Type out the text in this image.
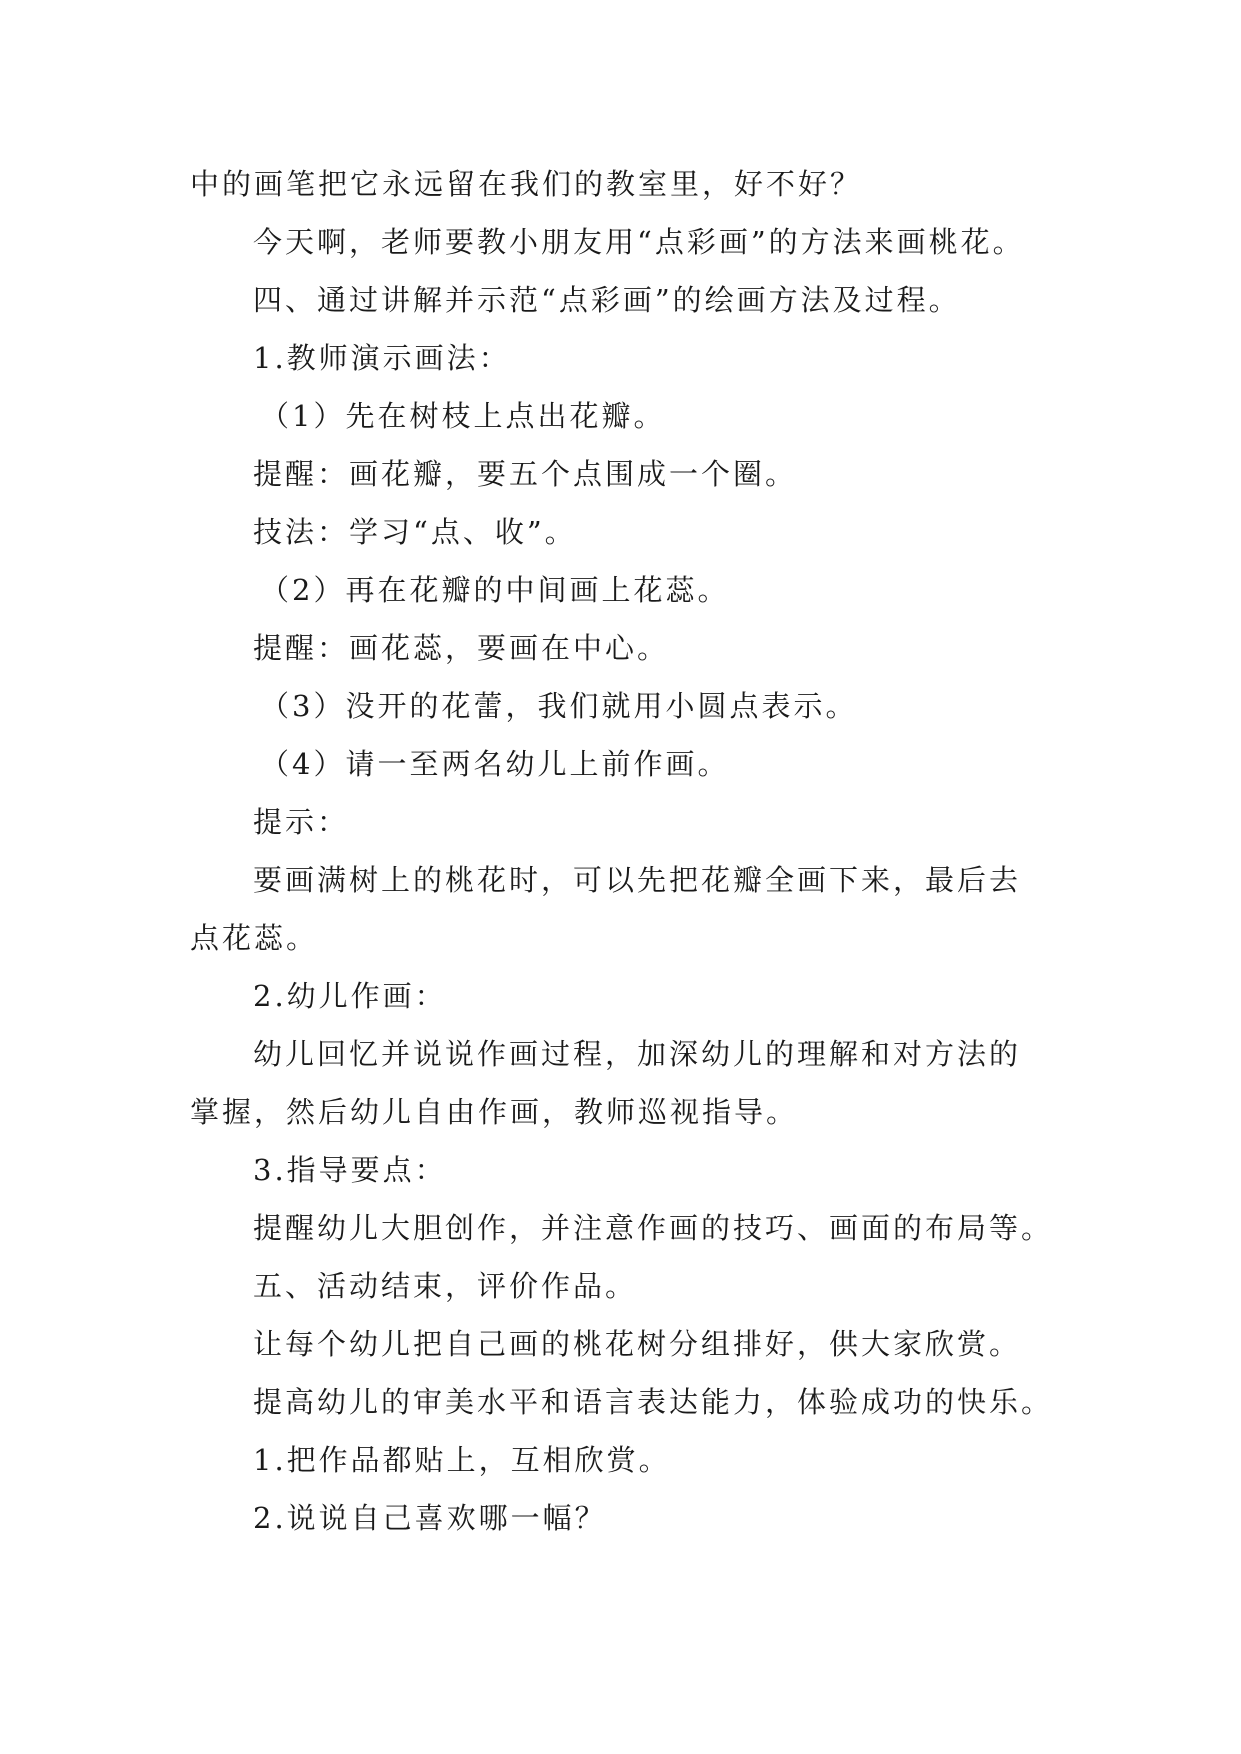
中的画笔把它永远留在我们的教室里，好不好？
今天啊，老师要教小朋友用“点彩画”的方法来画桃花。
四、通过讲解并示范“点彩画”的绘画方法及过程。
1.教师演示画法：
（1）先在树枝上点出花瓣。
提醒：画花瓣，要五个点围成一个圈。
技法：学习“点、收”。
（2）再在花瓣的中间画上花蕊。
提醒：画花蕊，要画在中心。
（3）没开的花蕾，我们就用小圆点表示。
（4）请一至两名幼儿上前作画。
提示：
要画满树上的桃花时，可以先把花瓣全画下来，最后去
点花蕊。
2.幼儿作画：
幼儿回忆并说说作画过程，加深幼儿的理解和对方法的
掌握，然后幼儿自由作画，教师巡视指导。
3.指导要点：
提醒幼儿大胆创作，并注意作画的技巧、画面的布局等。
五、活动结束，评价作品。
让每个幼儿把自己画的桃花树分组排好，供大家欣赏。
提高幼儿的审美水平和语言表达能力，体验成功的快乐。
1.把作品都贴上，互相欣赏。
2.说说自己喜欢哪一幅？
